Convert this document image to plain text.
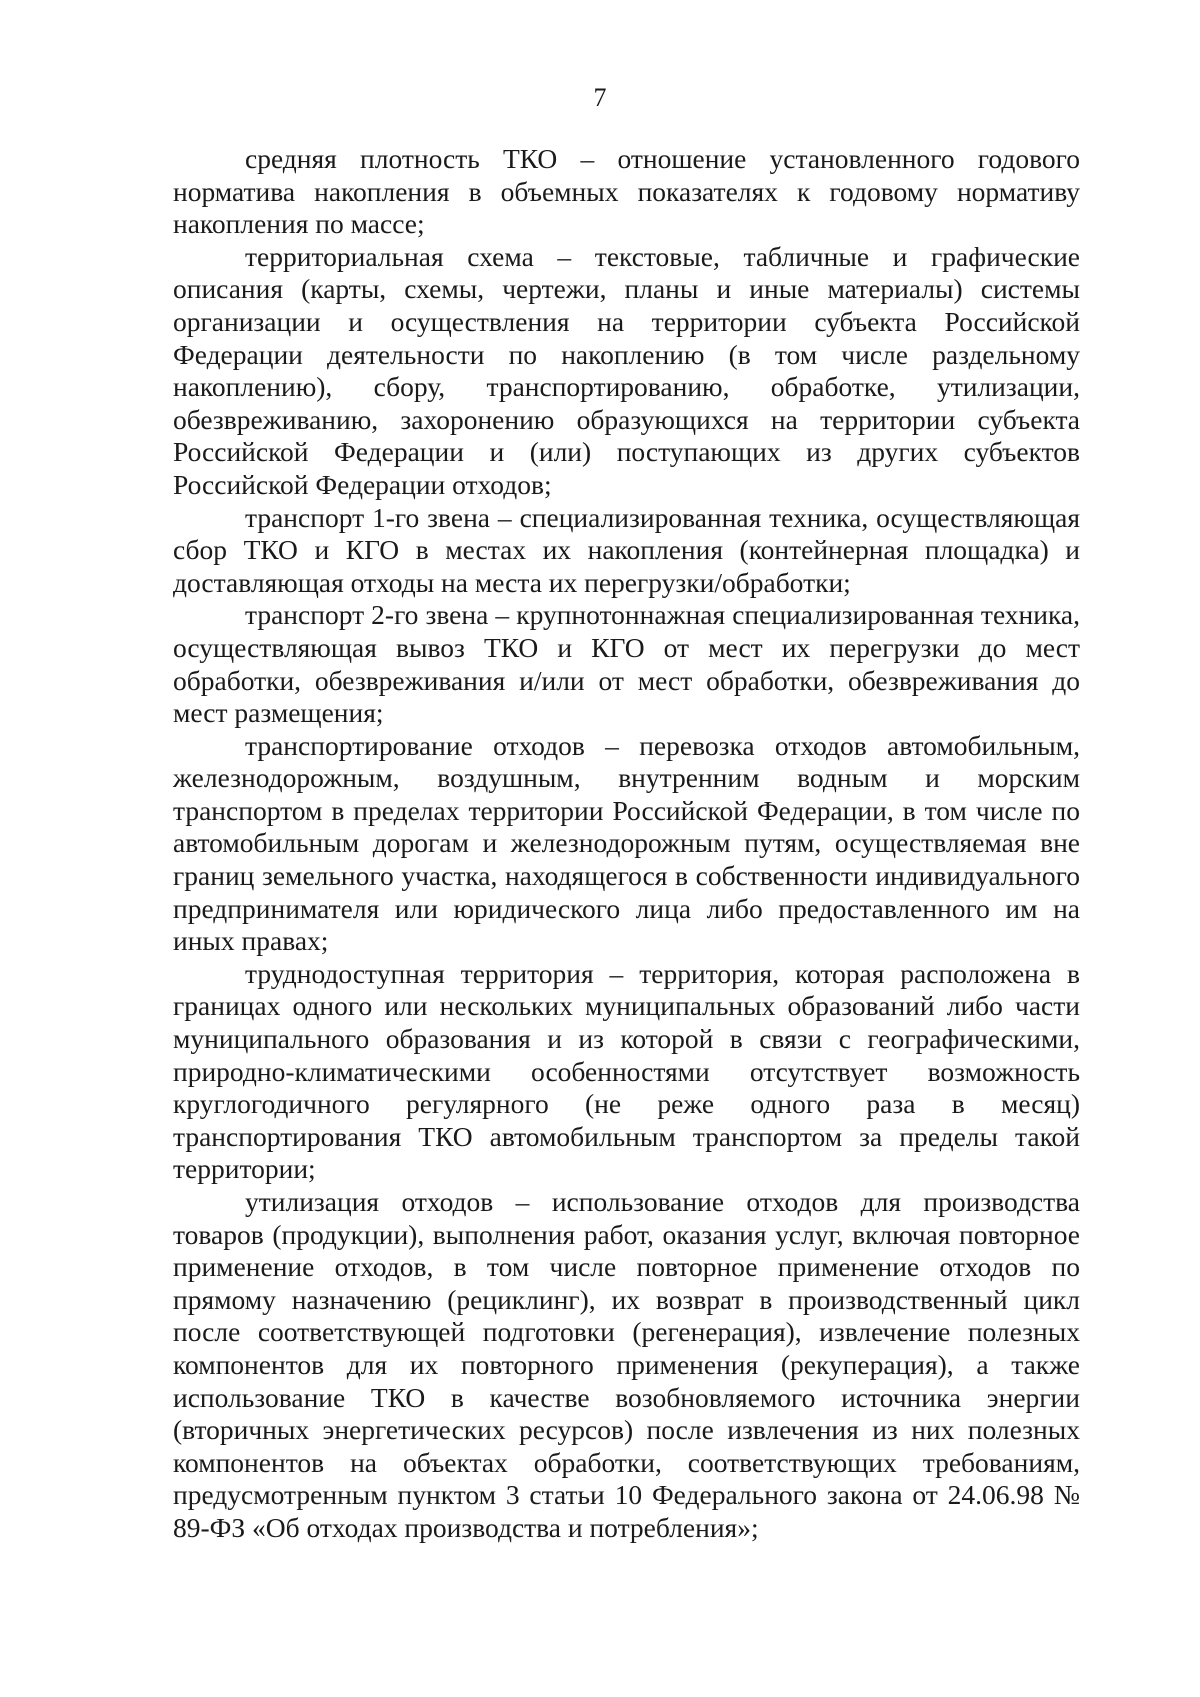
7

средняя плотность ТКО – отношение установленного годового норматива накопления в объемных показателях к годовому нормативу накопления по массе;

территориальная схема – текстовые, табличные и графические описания (карты, схемы, чертежи, планы и иные материалы) системы организации и осуществления на территории субъекта Российской Федерации деятельности по накоплению (в том числе раздельному накоплению), сбору, транспортированию, обработке, утилизации, обезвреживанию, захоронению образующихся на территории субъекта Российской Федерации и (или) поступающих из других субъектов Российской Федерации отходов;

транспорт 1-го звена – специализированная техника, осуществляющая сбор ТКО и КГО в местах их накопления (контейнерная площадка) и доставляющая отходы на места их перегрузки/обработки;

транспорт 2-го звена – крупнотоннажная специализированная техника, осуществляющая вывоз ТКО и КГО от мест их перегрузки до мест обработки, обезвреживания и/или от мест обработки, обезвреживания до мест размещения;

транспортирование отходов – перевозка отходов автомобильным, железнодорожным, воздушным, внутренним водным и морским транспортом в пределах территории Российской Федерации, в том числе по автомобильным дорогам и железнодорожным путям, осуществляемая вне границ земельного участка, находящегося в собственности индивидуального предпринимателя или юридического лица либо предоставленного им на иных правах;

труднодоступная территория – территория, которая расположена в границах одного или нескольких муниципальных образований либо части муниципального образования и из которой в связи с географическими, природно-климатическими особенностями отсутствует возможность круглогодичного регулярного (не реже одного раза в месяц) транспортирования ТКО автомобильным транспортом за пределы такой территории;

утилизация отходов – использование отходов для производства товаров (продукции), выполнения работ, оказания услуг, включая повторное применение отходов, в том числе повторное применение отходов по прямому назначению (рециклинг), их возврат в производственный цикл после соответствующей подготовки (регенерация), извлечение полезных компонентов для их повторного применения (рекуперация), а также использование ТКО в качестве возобновляемого источника энергии (вторичных энергетических ресурсов) после извлечения из них полезных компонентов на объектах обработки, соответствующих требованиям, предусмотренным пунктом 3 статьи 10 Федерального закона от 24.06.98 № 89-ФЗ «Об отходах производства и потребления»;
